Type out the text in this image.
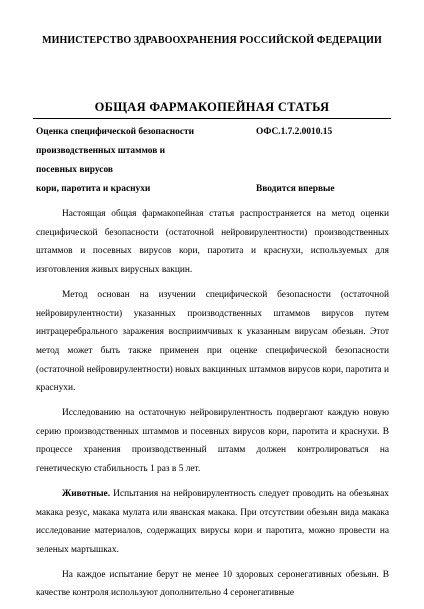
МИНИСТЕРСТВО ЗДРАВООХРАНЕНИЯ РОССИЙСКОЙ ФЕДЕРАЦИИ
ОБЩАЯ ФАРМАКОПЕЙНАЯ СТАТЬЯ
Оценка специфической безопасности
производственных штаммов и
посевных вирусов
кори, паротита и краснухи
ОФС.1.7.2.0010.15
Вводится впервые

Настоящая общая фармакопейная статья распространяется на метод оценки специфической безопасности (остаточной нейровирулентности) производственных штаммов и посевных вирусов кори, паротита и краснухи, используемых для изготовления живых вирусных вакцин.

Метод основан на изучении специфической безопасности (остаточной нейровирулентности) указанных производственных штаммов вирусов путем интрацеребрального заражения восприимчивых к указанным вирусам обезьян. Этот метод может быть также применен при оценке специфической безопасности (остаточной нейровирулентности) новых вакцинных штаммов вирусов кори, паротита и краснухи.

Исследованию на остаточную нейровирулентность подвергают каждую новую серию производственных штаммов и посевных вирусов кори, паротита и краснухи. В процессе хранения производственный штамм должен контролироваться на генетическую стабильность 1 раз в 5 лет.

Животные. Испытания на нейровирулентность следует проводить на обезьянах макака резус, макака мулата или яванская макака. При отсутствии обезьян вида макака исследование материалов, содержащих вирусы кори и паротита, можно провести на зеленых мартышках.

На каждое испытание берут не менее 10 здоровых серонегативных обезьян. В качестве контроля используют дополнительно 4 серонегативные
